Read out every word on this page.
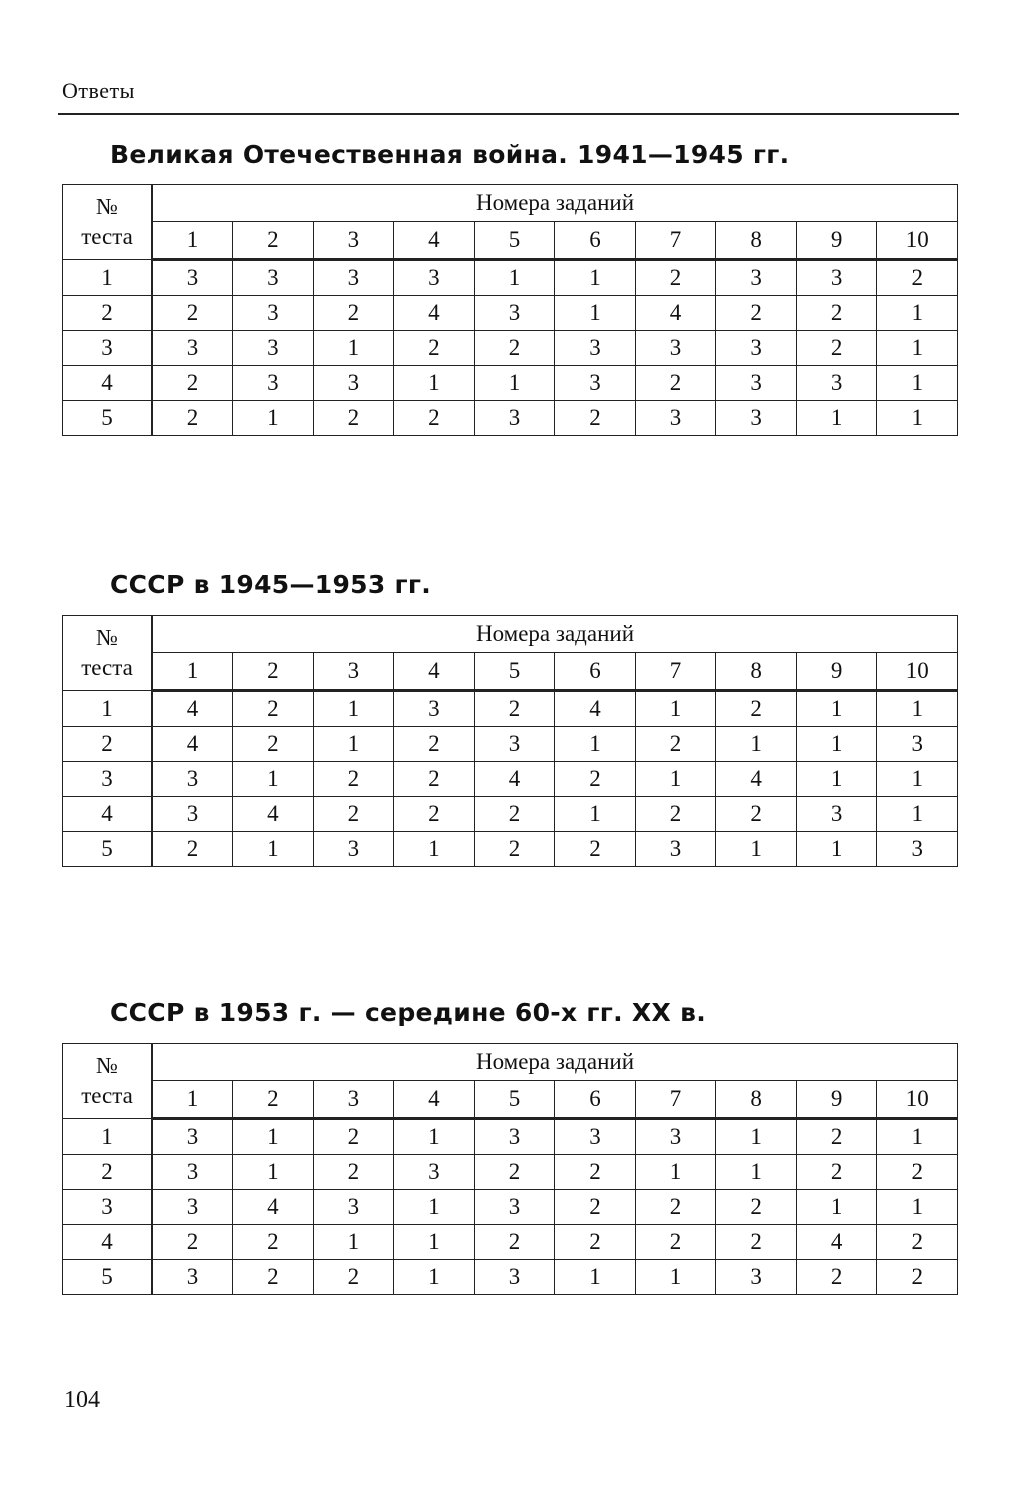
Ответы
Великая Отечественная война. 1941—1945 гг.
№
теста	Номера заданий									
	1	2	3	4	5	6	7	8	9	10
1	3	3	3	3	1	1	2	3	3	2
2	2	3	2	4	3	1	4	2	2	1
3	3	3	1	2	2	3	3	3	2	1
4	2	3	3	1	1	3	2	3	3	1
5	2	1	2	2	3	2	3	3	1	1
СССР в 1945—1953 гг.
№
теста	Номера заданий									
	1	2	3	4	5	6	7	8	9	10
1	4	2	1	3	2	4	1	2	1	1
2	4	2	1	2	3	1	2	1	1	3
3	3	1	2	2	4	2	1	4	1	1
4	3	4	2	2	2	1	2	2	3	1
5	2	1	3	1	2	2	3	1	1	3
СССР в 1953 г. — середине 60-х гг. XX в.
№
теста	Номера заданий									
	1	2	3	4	5	6	7	8	9	10
1	3	1	2	1	3	3	3	1	2	1
2	3	1	2	3	2	2	1	1	2	2
3	3	4	3	1	3	2	2	2	1	1
4	2	2	1	1	2	2	2	2	4	2
5	3	2	2	1	3	1	1	3	2	2
104
